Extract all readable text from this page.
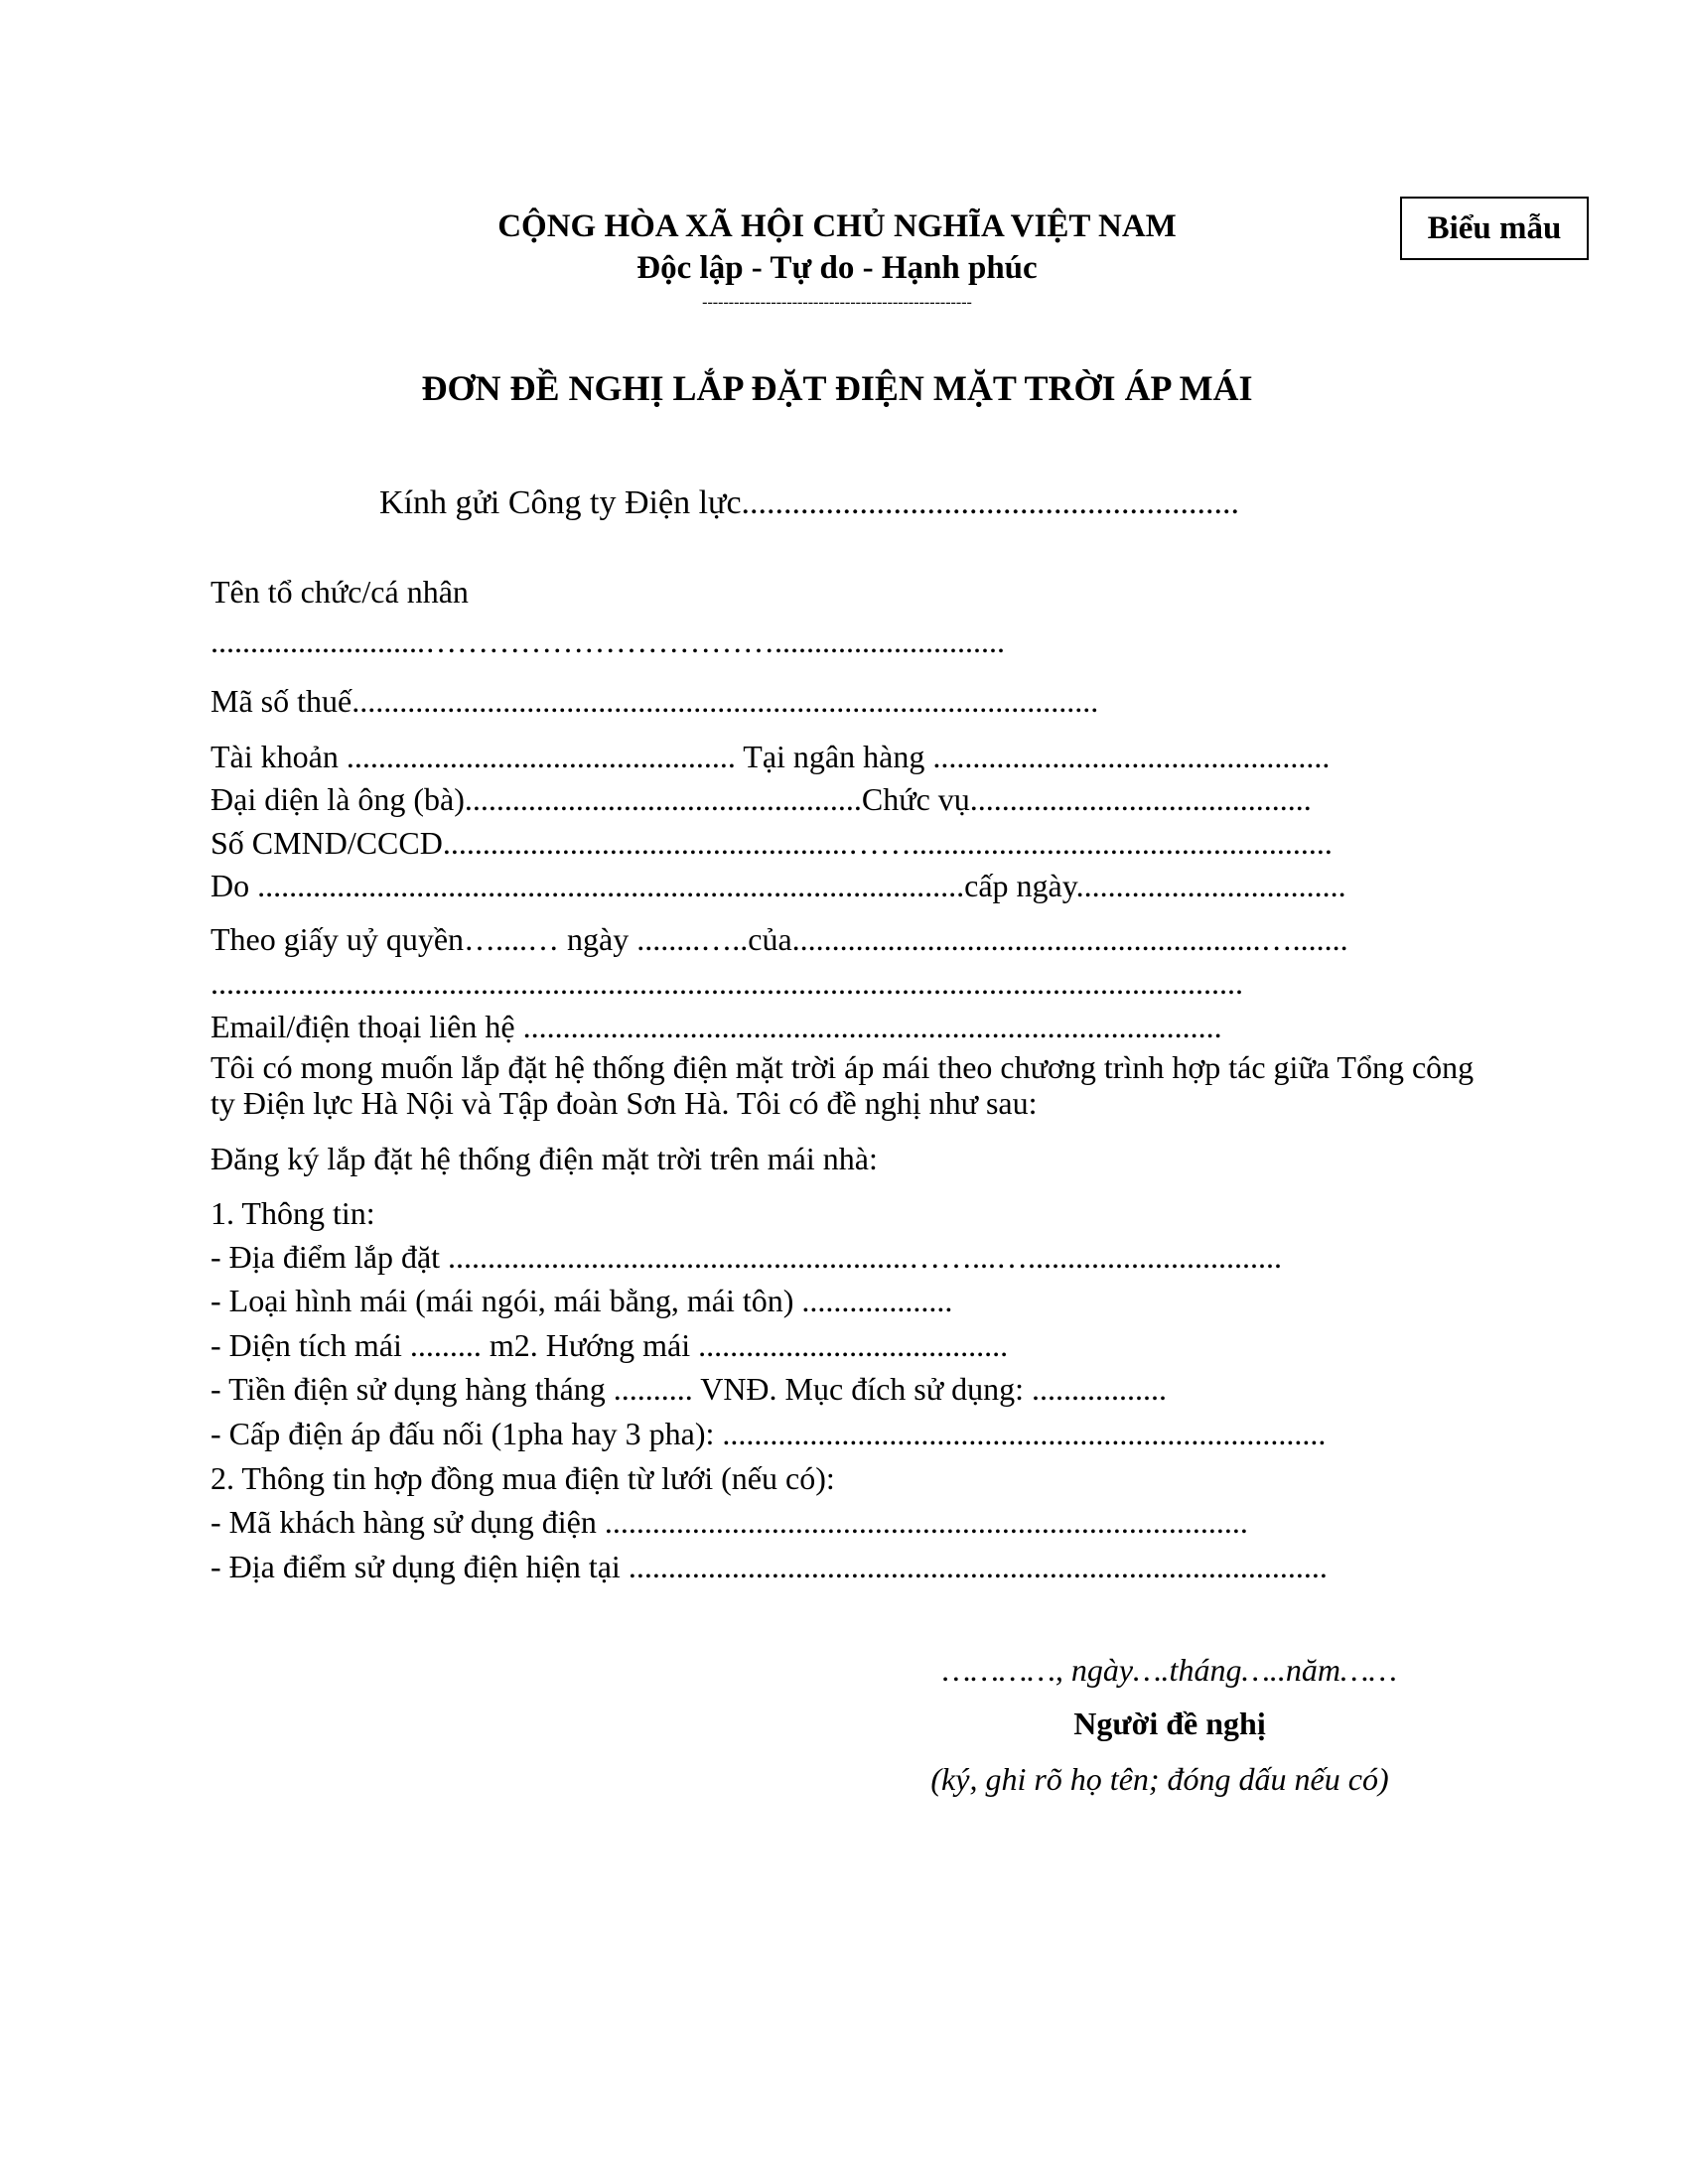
Biểu mẫu
CỘNG HÒA XÃ HỘI CHỦ NGHĨA VIỆT NAM
Độc lập - Tự do - Hạnh phúc
---------------------------------------------------
ĐƠN ĐỀ NGHỊ LẮP ĐẶT ĐIỆN MẶT TRỜI ÁP MÁI
Kính gửi Công ty Điện lực...........................................................
Tên tổ chức/cá nhân
...........................…………………………….............................
Mã số thuế..............................................................................................
Tài khoản ................................................. Tại ngân hàng ..................................................
Đại diện là ông (bà)..................................................Chức vụ...........................................
Số CMND/CCCD...................................................…….....................................................
Do .........................................................................................cấp ngày..................................
Theo giấy uỷ quyền…....… ngày ........…..của...........................................................….......
..................................................................................................................................
Email/điện thoại liên hệ ........................................................................................
Tôi có mong muốn lắp đặt hệ thống điện mặt trời áp mái theo chương trình hợp tác giữa Tổng công ty Điện lực Hà Nội và Tập đoàn Sơn Hà. Tôi có đề nghị như sau:
Đăng ký lắp đặt hệ thống điện mặt trời trên mái nhà:
1. Thông tin:
- Địa điểm lắp đặt ..........................................................……...…................................
- Loại hình mái (mái ngói, mái bằng, mái tôn) ...................
- Diện tích mái ......... m2. Hướng mái .......................................
- Tiền điện sử dụng hàng tháng .......... VNĐ. Mục đích sử dụng: .................
- Cấp điện áp đấu nối (1pha hay 3 pha): ............................................................................
2. Thông tin hợp đồng mua điện từ lưới (nếu có):
- Mã khách hàng sử dụng điện .................................................................................
- Địa điểm sử dụng điện hiện tại ........................................................................................
…………, ngày….tháng…..năm……
Người đề nghị
(ký, ghi rõ họ tên; đóng dấu nếu có)
